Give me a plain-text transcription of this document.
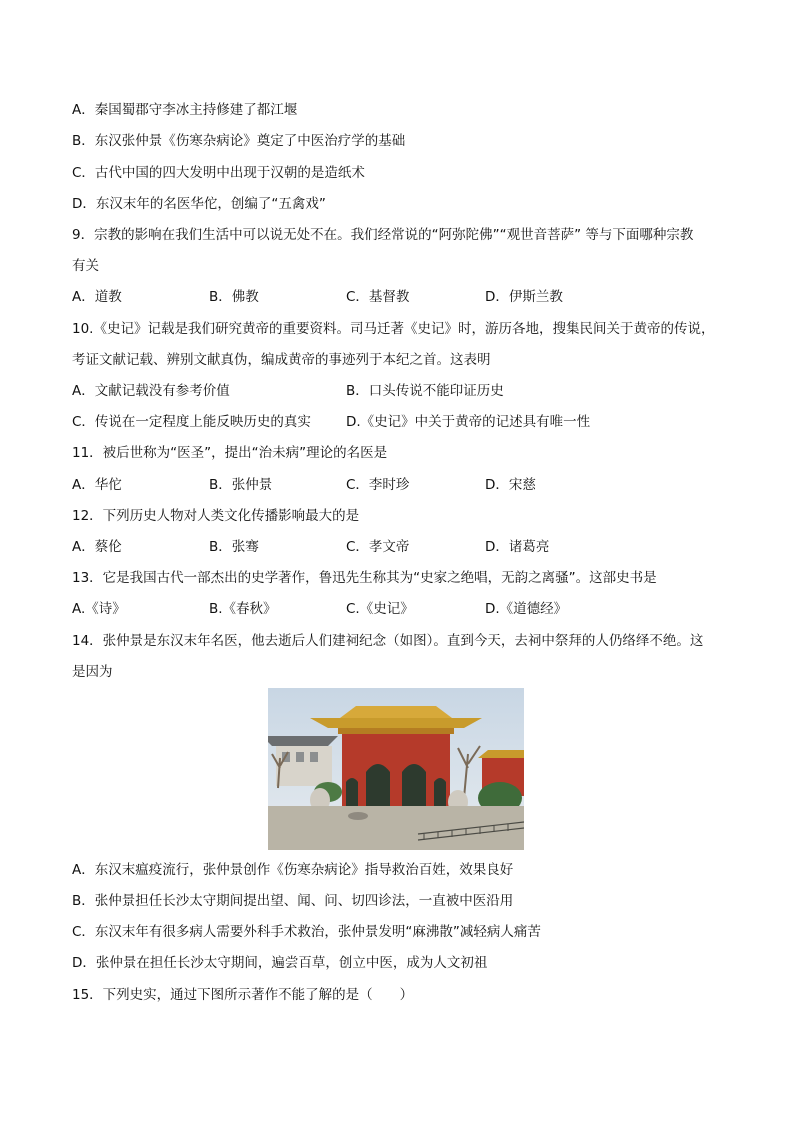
A．秦国蜀郡守李冰主持修建了都江堰
B．东汉张仲景《伤寒杂病论》奠定了中医治疗学的基础
C．古代中国的四大发明中出现于汉朝的是造纸术
D．东汉末年的名医华佗，创编了“五禽戏”
9．宗教的影响在我们生活中可以说无处不在。我们经常说的“阿弥陀佛”“观世音菩萨” 等与下面哪种宗教
有关
A．道教	B．佛教	C．基督教	D．伊斯兰教
10.《史记》记载是我们研究黄帝的重要资料。司马迁著《史记》时，游历各地，搜集民间关于黄帝的传说，
考证文献记载、辨别文献真伪，编成黄帝的事迹列于本纪之首。这表明
A．文献记载没有参考价值	B．口头传说不能印证历史
C．传说在一定程度上能反映历史的真实	D.《史记》中关于黄帝的记述具有唯一性
11．被后世称为“医圣”，提出“治未病”理论的名医是
A．华佗	B．张仲景	C．李时珍	D．宋慈
12．下列历史人物对人类文化传播影响最大的是
A．蔡伦	B．张骞	C．孝文帝	D．诸葛亮
13．它是我国古代一部杰出的史学著作，鲁迅先生称其为“史家之绝唱，无韵之离骚”。这部史书是
A.《诗》	B.《春秋》	C.《史记》	D.《道德经》
14．张仲景是东汉末年名医，他去逝后人们建祠纪念（如图）。直到今天，去祠中祭拜的人仍络绎不绝。这
是因为
A．东汉末瘟疫流行，张仲景创作《伤寒杂病论》指导救治百姓，效果良好
B．张仲景担任长沙太守期间提出望、闻、问、切四诊法，一直被中医沿用
C．东汉末年有很多病人需要外科手术救治，张仲景发明“麻沸散”减轻病人痛苦
D．张仲景在担任长沙太守期间，遍尝百草，创立中医，成为人文初祖
15．下列史实，通过下图所示著作不能了解的是（　　）
